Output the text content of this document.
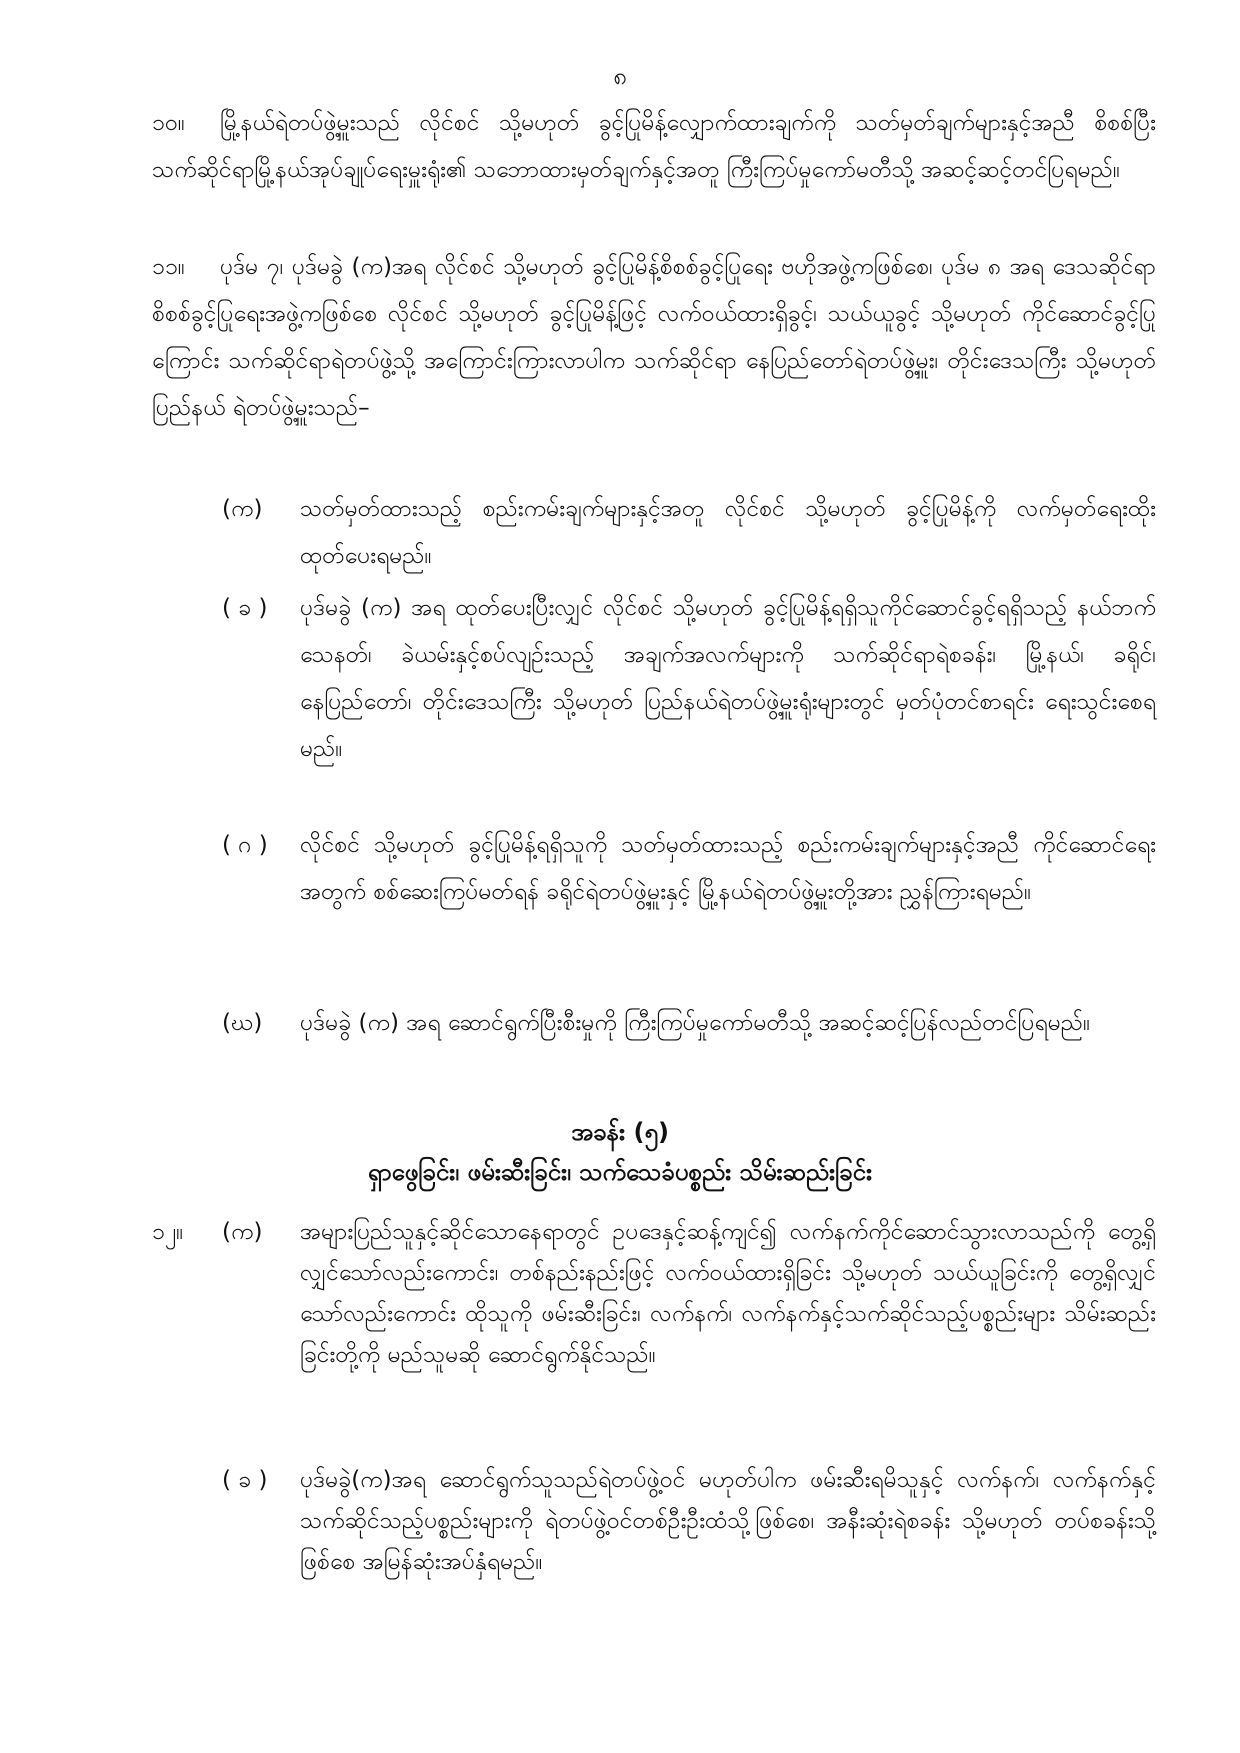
၈

၁၀။ မြို့နယ်ရဲတပ်ဖွဲ့မှူးသည် လိုင်စင် သို့မဟုတ် ခွင့်ပြုမိန့်လျှောက်ထားချက်ကို သတ်မှတ်ချက်များနှင့်အညီ စိစစ်ပြီး သက်ဆိုင်ရာမြို့နယ်အုပ်ချုပ်ရေးမှူးရုံး၏ သဘောထားမှတ်ချက်နှင့်အတူ ကြီးကြပ်မှုကော်မတီသို့ အဆင့်ဆင့်တင်ပြရမည်။

၁၁။ ပုဒ်မ ၇၊ ပုဒ်မခွဲ (က)အရ လိုင်စင် သို့မဟုတ် ခွင့်ပြုမိန့်စိစစ်ခွင့်ပြုရေး ဗဟိုအဖွဲ့ကဖြစ်စေ၊ ပုဒ်မ ၈ အရ ဒေသဆိုင်ရာစိစစ်ခွင့်ပြုရေးအဖွဲ့ကဖြစ်စေ လိုင်စင် သို့မဟုတ် ခွင့်ပြုမိန့်ဖြင့် လက်ဝယ်ထားရှိခွင့်၊ သယ်ယူခွင့် သို့မဟုတ် ကိုင်ဆောင်ခွင့်ပြုကြောင်း သက်ဆိုင်ရာရဲတပ်ဖွဲ့သို့ အကြောင်းကြားလာပါက သက်ဆိုင်ရာ နေပြည်တော်ရဲတပ်ဖွဲ့မှူး၊ တိုင်းဒေသကြီး သို့မဟုတ် ပြည်နယ် ရဲတပ်ဖွဲ့မှူးသည်–

(က)	သတ်မှတ်ထားသည့် စည်းကမ်းချက်များနှင့်အတူ လိုင်စင် သို့မဟုတ် ခွင့်ပြုမိန့်ကို လက်မှတ်ရေးထိုး ထုတ်ပေးရမည်။
( ခ )	ပုဒ်မခွဲ (က) အရ ထုတ်ပေးပြီးလျှင် လိုင်စင် သို့မဟုတ် ခွင့်ပြုမိန့်ရရှိသူကိုင်ဆောင်ခွင့်ရရှိသည့် နယ်ဘက်သေနတ်၊ ခဲယမ်းနှင့်စပ်လျဉ်းသည့် အချက်အလက်များကို သက်ဆိုင်ရာရဲစခန်း၊ မြို့နယ်၊ ခရိုင်၊ နေပြည်တော်၊ တိုင်းဒေသကြီး သို့မဟုတ် ပြည်နယ်ရဲတပ်ဖွဲ့မှူးရုံးများတွင် မှတ်ပုံတင်စာရင်း ရေးသွင်းစေရမည်။
( ဂ )	လိုင်စင် သို့မဟုတ် ခွင့်ပြုမိန့်ရရှိသူကို သတ်မှတ်ထားသည့် စည်းကမ်းချက်များနှင့်အညီ ကိုင်ဆောင်ရေးအတွက် စစ်ဆေးကြပ်မတ်ရန် ခရိုင်ရဲတပ်ဖွဲ့မှူးနှင့် မြို့နယ်ရဲတပ်ဖွဲ့မှူးတို့အား ညွှန်ကြားရမည်။
(ဃ)	ပုဒ်မခွဲ (က) အရ ဆောင်ရွက်ပြီးစီးမှုကို ကြီးကြပ်မှုကော်မတီသို့ အဆင့်ဆင့်ပြန်လည်တင်ပြရမည်။
အခန်း (၅)
ရှာဖွေခြင်း၊ ဖမ်းဆီးခြင်း၊ သက်သေခံပစ္စည်း သိမ်းဆည်းခြင်း
၁၂။ (က)	အများပြည်သူနှင့်ဆိုင်သောနေရာတွင် ဥပဒေနှင့်ဆန့်ကျင်၍ လက်နက်ကိုင်ဆောင်သွားလာသည်ကို တွေ့ရှိလျှင်သော်လည်းကောင်း၊ တစ်နည်းနည်းဖြင့် လက်ဝယ်ထားရှိခြင်း သို့မဟုတ် သယ်ယူခြင်းကို တွေ့ရှိလျှင်သော်လည်းကောင်း ထိုသူကို ဖမ်းဆီးခြင်း၊ လက်နက်၊ လက်နက်နှင့်သက်ဆိုင်သည့်ပစ္စည်းများ သိမ်းဆည်းခြင်းတို့ကို မည်သူမဆို ဆောင်ရွက်နိုင်သည်။
( ခ )	ပုဒ်မခွဲ(က)အရ ဆောင်ရွက်သူသည်ရဲတပ်ဖွဲ့ဝင် မဟုတ်ပါက ဖမ်းဆီးရမိသူနှင့် လက်နက်၊ လက်နက်နှင့်သက်ဆိုင်သည့်ပစ္စည်းများကို ရဲတပ်ဖွဲ့ဝင်တစ်ဦးဦးထံသို့ဖြစ်စေ၊ အနီးဆုံးရဲစခန်း သို့မဟုတ် တပ်စခန်းသို့ဖြစ်စေ အမြန်ဆုံးအပ်နှံရမည်။
